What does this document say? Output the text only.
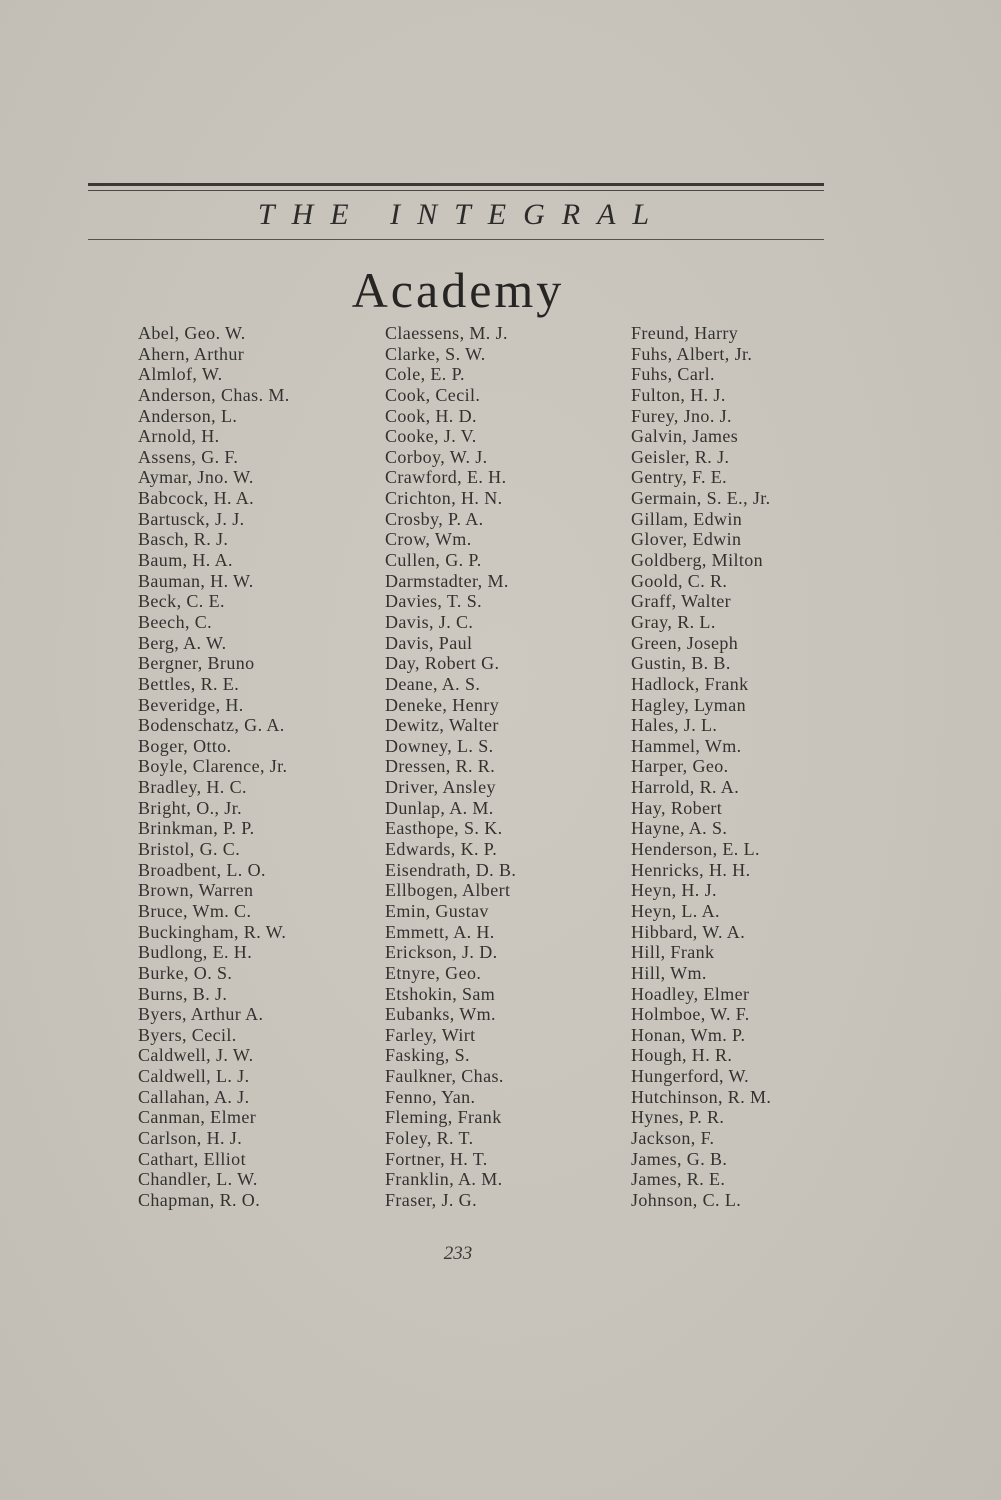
THE INTEGRAL
Academy
Abel, Geo. W.
Ahern, Arthur
Almlof, W.
Anderson, Chas. M.
Anderson, L.
Arnold, H.
Assens, G. F.
Aymar, Jno. W.
Babcock, H. A.
Bartusck, J. J.
Basch, R. J.
Baum, H. A.
Bauman, H. W.
Beck, C. E.
Beech, C.
Berg, A. W.
Bergner, Bruno
Bettles, R. E.
Beveridge, H.
Bodenschatz, G. A.
Boger, Otto.
Boyle, Clarence, Jr.
Bradley, H. C.
Bright, O., Jr.
Brinkman, P. P.
Bristol, G. C.
Broadbent, L. O.
Brown, Warren
Bruce, Wm. C.
Buckingham, R. W.
Budlong, E. H.
Burke, O. S.
Burns, B. J.
Byers, Arthur A.
Byers, Cecil.
Caldwell, J. W.
Caldwell, L. J.
Callahan, A. J.
Canman, Elmer
Carlson, H. J.
Cathart, Elliot
Chandler, L. W.
Chapman, R. O.
Claessens, M. J.
Clarke, S. W.
Cole, E. P.
Cook, Cecil.
Cook, H. D.
Cooke, J. V.
Corboy, W. J.
Crawford, E. H.
Crichton, H. N.
Crosby, P. A.
Crow, Wm.
Cullen, G. P.
Darmstadter, M.
Davies, T. S.
Davis, J. C.
Davis, Paul
Day, Robert G.
Deane, A. S.
Deneke, Henry
Dewitz, Walter
Downey, L. S.
Dressen, R. R.
Driver, Ansley
Dunlap, A. M.
Easthope, S. K.
Edwards, K. P.
Eisendrath, D. B.
Ellbogen, Albert
Emin, Gustav
Emmett, A. H.
Erickson, J. D.
Etnyre, Geo.
Etshokin, Sam
Eubanks, Wm.
Farley, Wirt
Fasking, S.
Faulkner, Chas.
Fenno, Yan.
Fleming, Frank
Foley, R. T.
Fortner, H. T.
Franklin, A. M.
Fraser, J. G.
Freund, Harry
Fuhs, Albert, Jr.
Fuhs, Carl.
Fulton, H. J.
Furey, Jno. J.
Galvin, James
Geisler, R. J.
Gentry, F. E.
Germain, S. E., Jr.
Gillam, Edwin
Glover, Edwin
Goldberg, Milton
Goold, C. R.
Graff, Walter
Gray, R. L.
Green, Joseph
Gustin, B. B.
Hadlock, Frank
Hagley, Lyman
Hales, J. L.
Hammel, Wm.
Harper, Geo.
Harrold, R. A.
Hay, Robert
Hayne, A. S.
Henderson, E. L.
Henricks, H. H.
Heyn, H. J.
Heyn, L. A.
Hibbard, W. A.
Hill, Frank
Hill, Wm.
Hoadley, Elmer
Holmboe, W. F.
Honan, Wm. P.
Hough, H. R.
Hungerford, W.
Hutchinson, R. M.
Hynes, P. R.
Jackson, F.
James, G. B.
James, R. E.
Johnson, C. L.
233
